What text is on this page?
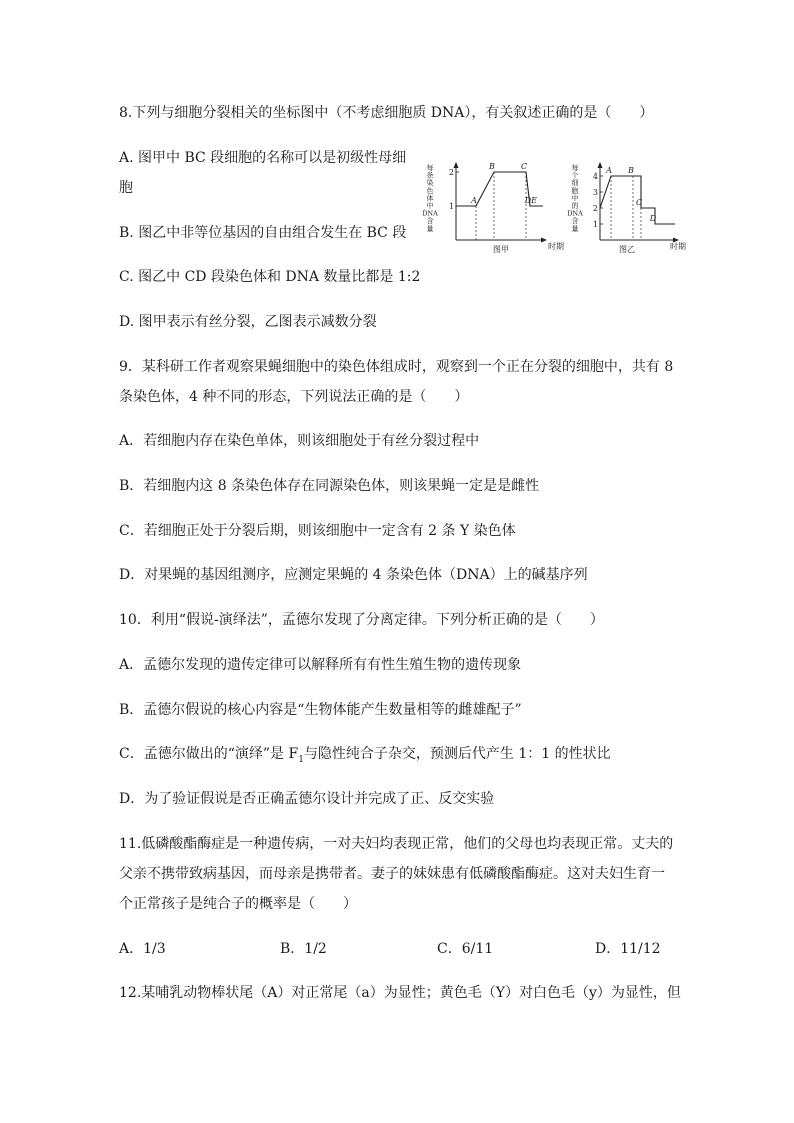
8.下列与细胞分裂相关的坐标图中（不考虑细胞质 DNA），有关叙述正确的是（　　）
A. 图甲中 BC 段细胞的名称可以是初级性母细
胞
B. 图乙中非等位基因的自由组合发生在 BC 段
C. 图乙中 CD 段染色体和 DNA 数量比都是 1:2
D. 图甲表示有丝分裂，乙图表示减数分裂
每
条
染
色
体
中
DNA
含
量
1
2
A
B	C
D E
时期
图甲
每
个
细
胞
中
的
DNA
含
量 1
2
3
4
A B
C
D
时期
图乙
9．某科研工作者观察果蝇细胞中的染色体组成时，观察到一个正在分裂的细胞中，共有 8
条染色体，4 种不同的形态，下列说法正确的是（　　）
A．若细胞内存在染色单体，则该细胞处于有丝分裂过程中
B．若细胞内这 8 条染色体存在同源染色体，则该果蝇一定是是雌性
C．若细胞正处于分裂后期，则该细胞中一定含有 2 条 Y 染色体
D．对果蝇的基因组测序，应测定果蝇的 4 条染色体（DNA）上的碱基序列
10．利用“假说-演绎法”，孟德尔发现了分离定律。下列分析正确的是（　　）
A．孟德尔发现的遗传定律可以解释所有有性生殖生物的遗传现象
B．孟德尔假说的核心内容是“生物体能产生数量相等的雌雄配子”
C．孟德尔做出的“演绎”是 $F_1$与隐性纯合子杂交，预测后代产生 1：1 的性状比
D．为了验证假说是否正确孟德尔设计并完成了正、反交实验
11.低磷酸酯酶症是一种遗传病，一对夫妇均表现正常，他们的父母也均表现正常。丈夫的
父亲不携带致病基因，而母亲是携带者。妻子的妹妹患有低磷酸酯酶症。这对夫妇生育一
个正常孩子是纯合子的概率是（　　）
A．1/3	B．1/2	C．6/11	D．11/12
12.某哺乳动物棒状尾（A）对正常尾（a）为显性；黄色毛（Y）对白色毛（y）为显性，但
